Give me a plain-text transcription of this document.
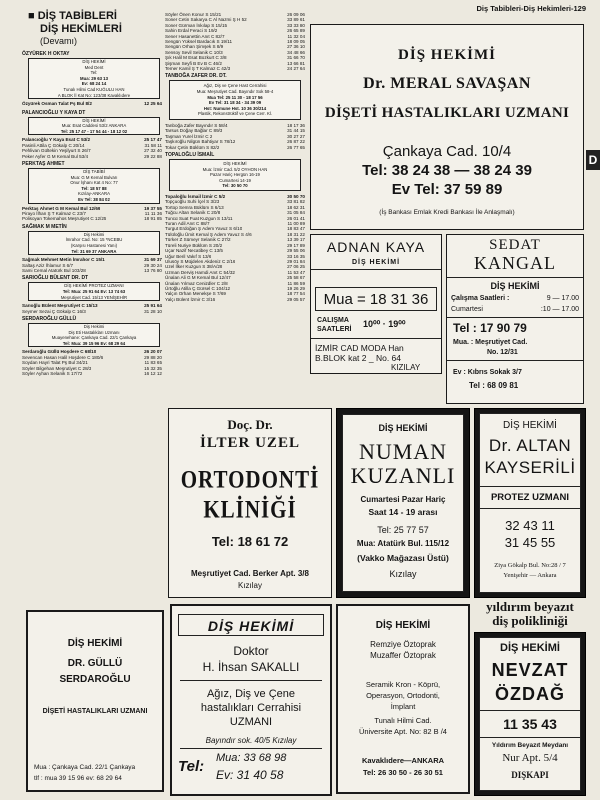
Diş Tabibleri-Diş Hekimleri-129
D
■ DİŞ TABİBLERİ
DİŞ HEKİMLERİ
(Devamı)
ÖZYÜREK H OKTAY
DİŞ HEKİMİ
Med Dent
Tel:
Mua: 29 63 13
Ev: 68 24 14
Tunalı Hilmi Cad KUĞULU HAN
A BLOK İl Kat No: 123/38 Kavaklıdere
Özyürek Osman Talat Pş Bul 8/2	12 25 64
PALANCIOĞLU Y KAYA DT
DİŞ HEKİMİ
Mua: Esat Caddesi 53/2 ANKARA
Tel: 25 17 47 - 17 54 44 - 18 12 02
Palancıoğlu Y Kaya Esat C 53/2	25 17 47
Pasinli Attila Ç Gökalp C 20/14	31 58 11
Pehlivan Gültekin Yeşilyurt S 26/7	27 32 40
Peker Ayfer G M Kemal Bul 53/4	29 22 88
PERKTAŞ AHMET
DİŞ TABİBİ
Mua: G M Kemal Bulvarı
Onur İşhanı Kat 4 No: 77
Tel: 18 57 88
Kızılay-ANKARA
Ev Tel: 38 84 02
Perktaş Ahmet G M Kemal Bul 12/69	19 37 55
Pirayo İlhan Ş T Kalmaz C 23/7	11 11 36
Polisoyan Tokemahos Meşrutiyet C 12/25	18 91 85
SAĞMAK M METİN
Diş Hekimi
İmrahor Cad. No: 15 *NCEBU
(Karşısı Hastanesi Yanı)
Tel: 31 69 37 ANKARA
Sağmak Mehmet Metin İmrahor C 15/1	31 69 37
Saltaş Aziz İhlamur S 6/7	29 30 24
Sami Cemal Atatürk Bul 103/28	13 76 80
SARIOĞLU BÜLENT DR. DT
DİŞ HEKİMİ PROTEZ UZMANI
Tel: Mua: 25 91 64 Ev: 13 74 63
Meşrutiyet Cad. 15/13 YENİŞEHİR
Sarıoğlu Bülent Meşrutiyet C 15/13	25 91 64
Seymer Sezai Ç Gökalp C 16/3	31 28 10
SERDAROĞLU GÜLLÜ
Diş Hekimi
Diş Eti Hastalıkları Uzmanı
Muayenehane: Çankaya Cad. 22/1 Çankaya
Tel: Mua: 39 15 96 Ev: 68 29 64
Serdaroğlu Güllü Hoşdere C 68/10	26 20 07
Sevencan Hasan Halil Hoşdere C 180/6	29 88 20
Soydan Hayri Talat Pş Bul 34/21	11 83 65
Söyler Bilgehan Meşrutiyet C 28/3	15 32 35
Söyler Ayhan Selanik S 17/72	16 12 12
Söyler Önen Konur S 15/21	26 09 06
Soner Cetin Sakarya C Al Nazmi Ş H 52	33 89 61
Soner Gürman İnkılap S 15/15	33 33 80
Sahin Erdal Feraci S 19/2	26 65 89
Sener Hasanettin Anıt C 82/7	11 32 04
Sengün Yüksel Bardacık S 19/11	18 09 05
Sengün Orhan Şimşek S 8/9	27 36 10
Sensoy Sevil Selanik C 10/3	34 48 66
Şık Halil M Esat Bozkurt C 3/8	31 66 70
Şişman Seyfi B Ev B C 46/2	13 66 81
Temer Kamil Ş T Kalmaz C 42/3	24 27 64
TANBOĞA ZAFER DR. DT.
Ağız, Diş ve Çene Hast Cerrahisi
Mua: Meşrutiyet Cad. Bayındır Sok 58-4
Mua Tel: 25 11 30 - 18 17 56
Ev Tel: 31 18 34 - 34 39 09
Hst: Numune Hst. 10 36 30/214
Plastik, Rekonstrüktif ve Çene Cerr. Kl.
Tanboğa Zafer Bayındır S 58/4	18 17 36
Tarsus Doğay Bağlar C 89/3	31 44 15
Taşman Yurel İzmir C 2	30 27 27
Taşkıroğlu Nilgün Bahtiyar S 78/12	26 87 22
Tokar Çetin Büklüm S 82/2	26 77 65
TOPALOĞLU İSMAİL
DİŞ HEKİMİ
Mua: İzmir Cad. 5/2 OYHON HAN
Pazar Hariç Hergün 16-19
Cumartesi 14-19
Tel: 30 50 70
Topaloğlu İsmail İzmir C 5/2	30 50 70
Topçuoğlu Suhi İçel S 3/23	33 81 82
Tortop Semra Büklüm S 6/13	18 62 31
Tuğcu Altan Selanik C 20/8	31 05 84
Tuncα Suat Fuat Kuzgun S 13/11	26 01 41
Turan Adil Anıt C 88/7	11 00 89
Turgut Erdoğan Ş Adem Yavuz S 6/10	18 83 47
Tülüloğlu Ümit Kemal Ş Adem Yavuz S 4/6	18 31 22
Türker Z Sümeyr Selanik C 27/2	13 39 17
Türeli Nuriye Büklüm S 20/2	29 17 89
Uçar Nazif Necatibey C 13/5	29 55 06
Uğur Beril Vakıf S 13/6	33 16 35
Ulusöy S Müjdelen Akdeniz C 2/16	29 01 84
Uzel İlker Kuzgun S 38/A/28	27 06 25
Uzman Derviş Hamdi Anıt C 54/32	11 53 47
Ünalan Ali G M Kemal Bul 12/47	25 58 67
Ünalan Yılmaz Cenizdler C 2/8	11 86 59
Ürtoğlu Atilla Ç Gürsel C 104/12	19 26 29
Yalçın Orhan Menekşe S 7/69	18 77 54
Yalçı Bülent İzmir C 3/16	29 05 57
DİŞ HEKİMİ
Dr. MERAL SAVAŞAN
DİŞETİ HASTALIKLARI UZMANI
Çankaya Cad. 10/4
Tel: 38 24 38 — 38 24 39
Ev Tel: 37 59 89
(İş Bankası Emlak Kredi Bankası İle Anlaşmalı)
ADNAN KAYA
DİŞ HEKİMİ
Mua = 18 31 36
CALIŞMA
SAATLERİ
10⁰⁰ · 19⁰⁰
İZMİR CAD MODA Han
B.BLOK kat 2 _ No. 64
KIZILAY
SEDAT
KANGAL
DİŞ HEKİMİ
Çalışma Saatleri :	9 — 17.00
Cumartesi	:10 — 17.00
Tel : 17 90 79
Mua. : Meşrutiyet Cad.
No. 12/31
Ev : Kıbrıs Sokak 3/7
Tel : 68 09 81
Doç. Dr.
İLTER UZEL
ORTODONTİ
KLİNİĞİ
Tel: 18 61 72
Meşrutiyet Cad. Berker Apt. 3/8
Kızılay
DİŞ HEKİMİ
NUMAN
KUZANLI
Cumartesi Pazar Hariç
Saat 14 - 19 arası
Tel: 25 77 57
Mua: Atatürk Bul. 115/12
(Vakko Mağazası Üstü)
Kızılay
DİŞ HEKİMİ
Dr. ALTAN
KAYSERİLİ
PROTEZ UZMANI
32 43 11
31 45 55
Ziya Gökalp Bul. No:28 / 7
Yenişehir — Ankara
DİŞ HEKİMİ
DR. GÜLLÜ
SERDAROĞLU
DİŞETİ HASTALIKLARI UZMANI
Mua : Çankaya Cad. 22/1 Çankaya
tlf : mua 39 15 96 ev: 68 29 64
DİŞ HEKİMİ
Doktor
H. İhsan SAKALLI
Ağız, Diş ve Çene
hastalıkları Cerrahisi
UZMANI
Bayındır sok. 40/5 Kızılay
Tel: Mua: 33 68 98
Ev: 31 40 58
DİŞ HEKİMİ
Remziye Öztoprak
Muzaffer Öztoprak
Seramik Kron - Köprü,
Operasyon, Ortodonti,
İmplant
Tunalı Hilmi Cad.
Üniversite Apt. No: 82 B /4
Kavaklıdere—ANKARA
Tel: 26 30 50 - 26 30 51
yıldırım beyazıt
diş polikliniği
DİŞ HEKİMİ
NEVZAT
ÖZDAĞ
11 35 43
Yıldırım Beyazıt Meydanı
Nur Apt. 5/4
DIŞKAPI
